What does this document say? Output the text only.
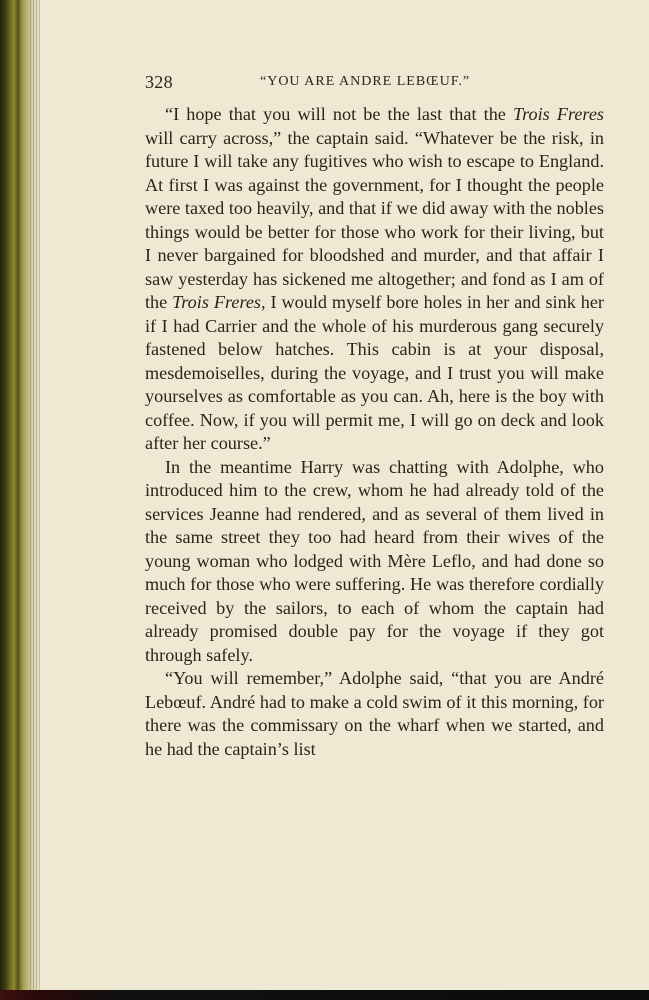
328	“YOU ARE ANDRE LEBŒUF.”

“I hope that you will not be the last that the Trois Freres will carry across,” the captain said. “Whatever be the risk, in future I will take any fugitives who wish to escape to England. At first I was against the government, for I thought the people were taxed too heavily, and that if we did away with the nobles things would be better for those who work for their living, but I never bargained for bloodshed and murder, and that affair I saw yesterday has sickened me altogether; and fond as I am of the Trois Freres, I would myself bore holes in her and sink her if I had Carrier and the whole of his murderous gang securely fastened below hatches. This cabin is at your disposal, mesdemoiselles, during the voyage, and I trust you will make yourselves as comfortable as you can. Ah, here is the boy with coffee. Now, if you will permit me, I will go on deck and look after her course.”

In the meantime Harry was chatting with Adolphe, who introduced him to the crew, whom he had already told of the services Jeanne had rendered, and as several of them lived in the same street they too had heard from their wives of the young woman who lodged with Mère Leflo, and had done so much for those who were suffering. He was therefore cordially received by the sailors, to each of whom the captain had already promised double pay for the voyage if they got through safely.

“You will remember,” Adolphe said, “that you are André Lebœuf. André had to make a cold swim of it this morning, for there was the commissary on the wharf when we started, and he had the captain’s list
